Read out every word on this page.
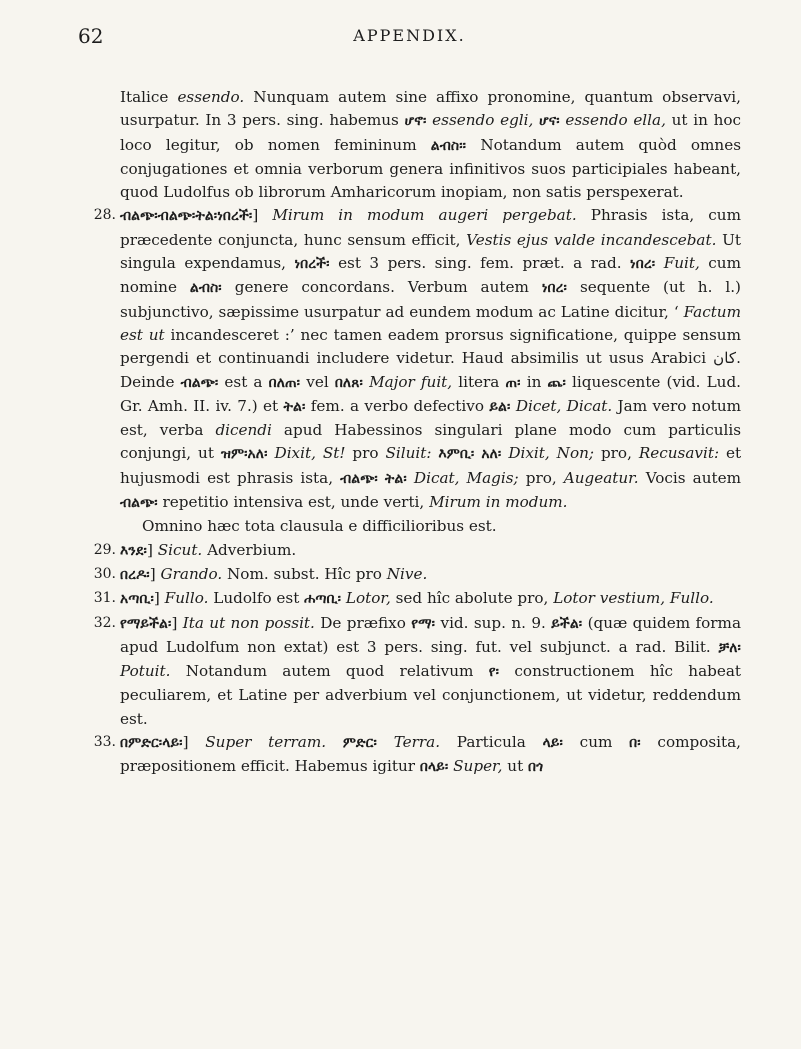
62	APPENDIX.

Italice essendo. Nunquam autem sine affixo pronomine, quantum observavi, usurpatur. In 3 pers. sing. habemus ሆኖ፡ essendo egli, ሆና፡ essendo ella, ut in hoc loco legitur, ob nomen femininum ልብስ፡፡ Notandum autem quòd omnes conjugationes et omnia verborum genera infinitivos suos participiales habeant, quod Ludolfus ob librorum Amharicorum inopiam, non satis perspexerat.

28. ብልጭ፡ብልጭ፡ትል፡ነበረች፡] Mirum in modum augeri pergebat. Phrasis ista, cum præcedente conjuncta, hunc sensum efficit, Vestis ejus valde incandescebat. Ut singula expendamus, ነበረች፡ est 3 pers. sing. fem. præt. a rad. ነበረ፡ Fuit, cum nomine ልብስ፡ genere concordans. Verbum autem ነበረ፡ sequente (ut h. l.) subjunctivo, sæpissime usurpatur ad eundem modum ac Latine dicitur, ‘ Factum est ut incandesceret :’ nec tamen eadem prorsus significatione, quippe sensum pergendi et continuandi includere videtur. Haud absimilis ut usus Arabici كان. Deinde ብልጭ፡ est a በለጠ፡ vel በለጸ፡ Major fuit, litera ጠ፡ in ጨ፡ liquescente (vid. Lud. Gr. Amh. II. iv. 7.) et ትል፡ fem. a verbo defectivo ይል፡ Dicet, Dicat. Jam vero notum est, verba dicendi apud Habessinos singulari plane modo cum particulis conjungi, ut ዝም፡አለ፡ Dixit, St! pro Siluit: እምቢ፡ አለ፡ Dixit, Non; pro, Recusavit: et hujusmodi est phrasis ista, ብልጭ፡ ትል፡ Dicat, Magis; pro, Augeatur. Vocis autem ብልጭ፡ repetitio intensiva est, unde verti, Mirum in modum.

Omnino hæc tota clausula e difficilioribus est.

29. እንደ፡] Sicut. Adverbium.

30. በረዶ፡] Grando. Nom. subst. Hîc pro Nive.

31. አጣቢ፡] Fullo. Ludolfo est ሐጣቢ፡ Lotor, sed hîc abolute pro, Lotor vestium, Fullo.

32. የማይችል፡] Ita ut non possit. De præfixo የማ፡ vid. sup. n. 9. ይችል፡ (quæ quidem forma apud Ludolfum non extat) est 3 pers. sing. fut. vel subjunct. a rad. Bilit. ቻለ፡ Potuit. Notandum autem quod relativum የ፡ constructionem hîc habeat peculiarem, et Latine per adverbium vel conjunctionem, ut videtur, reddendum est.

33. በምድር፡ላይ፡] Super terram. ምድር፡ Terra. Particula ላይ፡ cum በ፡ composita, præpositionem efficit. Habemus igitur በላይ፡ Super, ut በጎ
